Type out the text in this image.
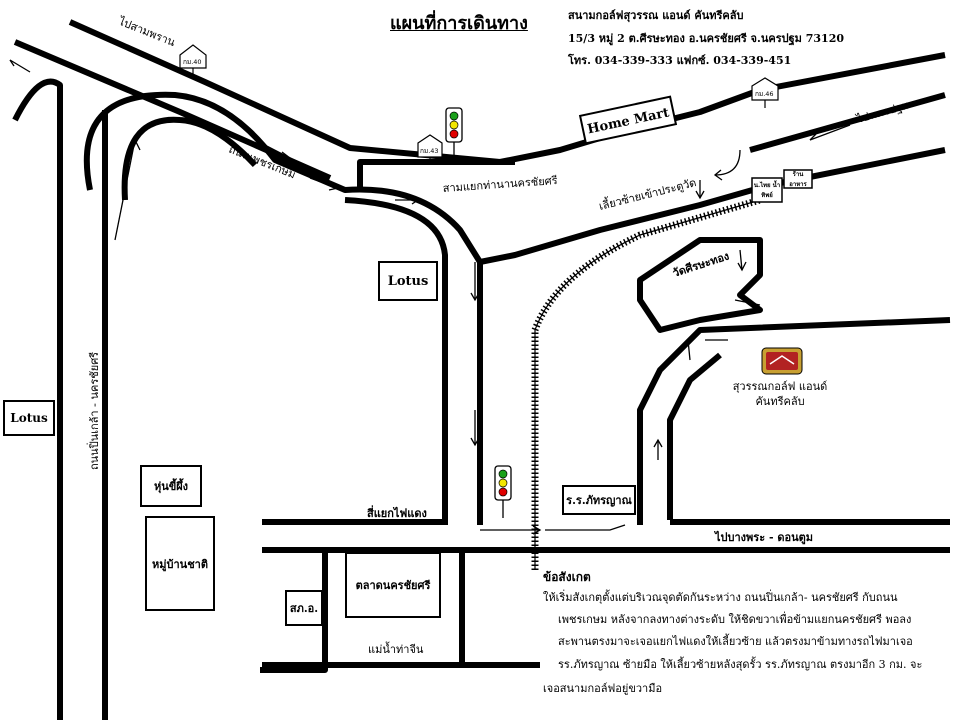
กม.40
กม.43
กม.46
Home Mart
วัดศีรษะทอง
ไปสามพราน
ถนนเพชรเกษม
สามแยกท่านานครชัยศรี	เลี้ยวซ้ายเข้าประตูวัด
ไปนครปฐม
ถนนปิ่นเกล้า - นครชัยศรี
แผนที่การเดินทาง	สนามกอล์ฟสุวรรณ แอนด์ คันทรีคลับ
15/3 หมู่ 2 ต.ศีรษะทอง อ.นครชัยศรี จ.นครปฐม 73120
โทร. 034-339-333 แฟกซ์. 034-339-451
Lotus
Lotus
หุ่นขี้ผึ้ง
หมู่บ้านชาติ
ร.ร.ภัทรญาณ
ตลาดนครชัยศรี
สภ.อ.
น.ไทย น้ำทิพย์
ร้านอาหาร
สี่แยกไฟแดง
ไปบางพระ - ดอนตูม
แม่น้ำท่าจีน
สุวรรณกอล์ฟ แอนด์ คันทรีคลับ
ข้อสังเกต
ให้เริ่มสังเกตุตั้งแต่บริเวณจุดตัดกันระหว่าง ถนนปิ่นเกล้า- นครชัยศรี กับถนน
เพชรเกษม หลังจากลงทางต่างระดับ ให้ชิดขวาเพื่อข้ามแยกนครชัยศรี พอลง
สะพานตรงมาจะเจอแยกไฟแดงให้เลี้ยวซ้าย แล้วตรงมาข้ามทางรถไฟมาเจอ
รร.ภัทรญาณ ซ้ายมือ ให้เลี้ยวซ้ายหลังสุดรั้ว รร.ภัทรญาณ ตรงมาอีก 3 กม. จะ
เจอสนามกอล์ฟอยู่ขวามือ
